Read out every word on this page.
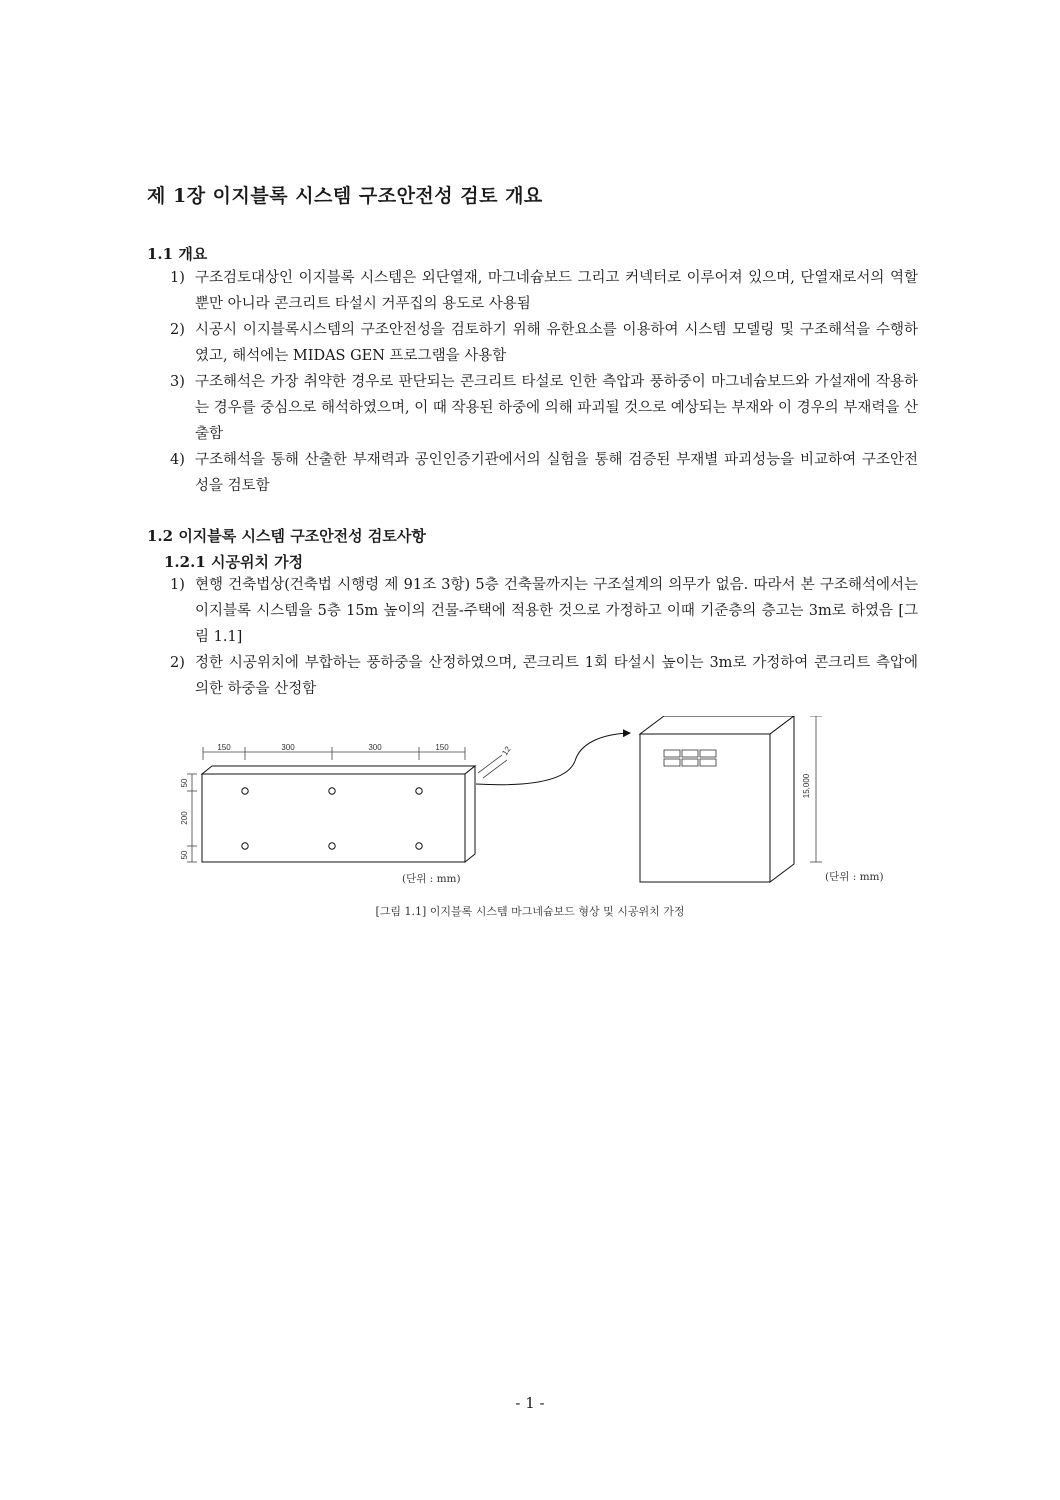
제 1장 이지블록 시스템 구조안전성 검토 개요
1.1 개요
1) 구조검토대상인 이지블록 시스템은 외단열재, 마그네슘보드 그리고 커넥터로 이루어져 있으며, 단열재로서의 역할뿐만 아니라 콘크리트 타설시 거푸집의 용도로 사용됨
2) 시공시 이지블록시스템의 구조안전성을 검토하기 위해 유한요소를 이용하여 시스템 모델링 및 구조해석을 수행하였고, 해석에는 MIDAS GEN 프로그램을 사용함
3) 구조해석은 가장 취약한 경우로 판단되는 콘크리트 타설로 인한 측압과 풍하중이 마그네슘보드와 가설재에 작용하는 경우를 중심으로 해석하였으며, 이 때 작용된 하중에 의해 파괴될 것으로 예상되는 부재와 이 경우의 부재력을 산출함
4) 구조해석을 통해 산출한 부재력과 공인인증기관에서의 실험을 통해 검증된 부재별 파괴성능을 비교하여 구조안전성을 검토함
1.2 이지블록 시스템 구조안전성 검토사항
1.2.1 시공위치 가정
1) 현행 건축법상(건축법 시행령 제 91조 3항) 5층 건축물까지는 구조설계의 의무가 없음. 따라서 본 구조해석에서는 이지블록 시스템을 5층 15m 높이의 건물-주택에 적용한 것으로 가정하고 이때 기준층의 층고는 3m로 하였음 [그림 1.1]
2) 정한 시공위치에 부합하는 풍하중을 산정하였으며, 콘크리트 1회 타설시 높이는 3m로 가정하여 콘크리트 측압에 의한 하중을 산정함
150	300	300	150
50
200
50
12
15,000
(단위 : mm)	(단위 : mm)
[그림 1.1] 이지블록 시스템 마그네슘보드 형상 및 시공위치 가정
- 1 -
